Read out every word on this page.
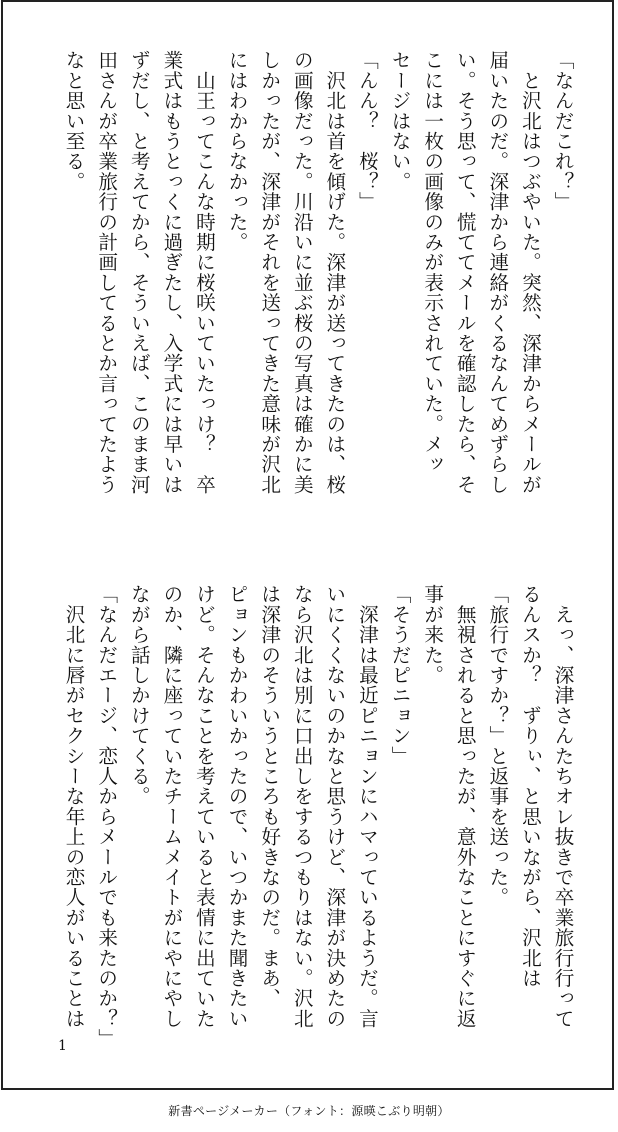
「なんだこれ？」
　と沢北はつぶやいた。突然、深津からメールが
届いたのだ。深津から連絡がくるなんてめずらし
い。そう思って、慌ててメールを確認したら、そ
こには一枚の画像のみが表示されていた。メッ
セージはない。
「んん？　桜？」
　沢北は首を傾げた。深津が送ってきたのは、桜
の画像だった。川沿いに並ぶ桜の写真は確かに美
しかったが、深津がそれを送ってきた意味が沢北
にはわからなかった。
　山王ってこんな時期に桜咲いていたっけ？　卒
業式はもうとっくに過ぎたし、入学式には早いは
ずだし、と考えてから、そういえば、このまま河
田さんが卒業旅行の計画してるとか言ってたよう
なと思い至る。
　えっ、深津さんたちオレ抜きで卒業旅行行って
るんスか？　ずりぃ、と思いながら、沢北は
「旅行ですか？」と返事を送った。
　無視されると思ったが、意外なことにすぐに返
事が来た。
「そうだピニョン」
　深津は最近ピニョンにハマっているようだ。言
いにくくないのかなと思うけど、深津が決めたの
なら沢北は別に口出しをするつもりはない。沢北
は深津のそういうところも好きなのだ。まあ、
ピョンもかわいかったので、いつかまた聞きたい
けど。そんなことを考えていると表情に出ていた
のか、隣に座っていたチームメイトがにやにやし
ながら話しかけてくる。
「なんだエージ、恋人からメールでも来たのか？」
　沢北に唇がセクシーな年上の恋人がいることは
1
新書ページメーカー（フォント：源暎こぶり明朝）
